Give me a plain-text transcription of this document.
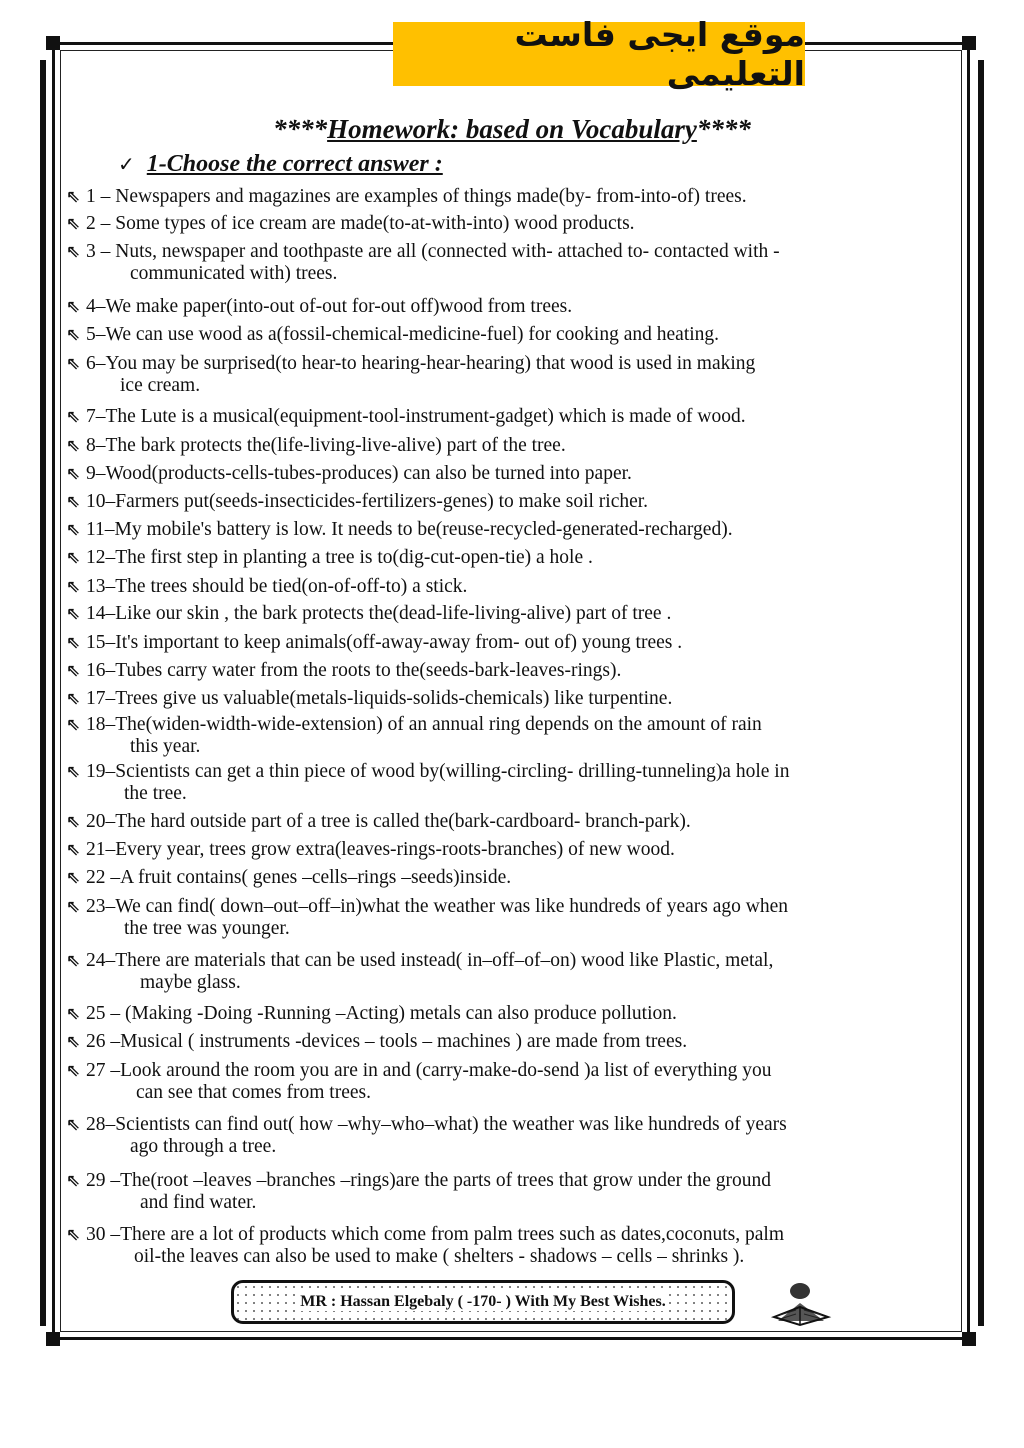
موقع ايجى فاست التعليمى
****Homework: based on Vocabulary****
✓ 1-Choose the correct answer :
⇖ 1 – Newspapers and magazines are examples of things made(by- from-into-of) trees.
⇖ 2 – Some types of ice cream are made(to-at-with-into) wood products.
⇖ 3 – Nuts, newspaper and toothpaste are all (connected with- attached to- contacted with -
communicated with) trees.
⇖ 4–We make paper(into-out of-out for-out off)wood from trees.
⇖ 5–We can use wood as a(fossil-chemical-medicine-fuel) for cooking and heating.
⇖ 6–You may be surprised(to hear-to hearing-hear-hearing) that wood is used in making
ice cream.
⇖ 7–The Lute is a musical(equipment-tool-instrument-gadget) which is made of wood.
⇖ 8–The bark protects the(life-living-live-alive) part of the tree.
⇖ 9–Wood(products-cells-tubes-produces) can also be turned into paper.
⇖ 10–Farmers put(seeds-insecticides-fertilizers-genes) to make soil richer.
⇖ 11–My mobile's battery is low. It needs to be(reuse-recycled-generated-recharged).
⇖ 12–The first step in planting a tree is to(dig-cut-open-tie) a hole .
⇖ 13–The trees should be tied(on-of-off-to) a stick.
⇖ 14–Like our skin , the bark protects the(dead-life-living-alive) part of tree .
⇖ 15–It's important to keep animals(off-away-away from- out of) young trees .
⇖ 16–Tubes carry water from the roots to the(seeds-bark-leaves-rings).
⇖ 17–Trees give us valuable(metals-liquids-solids-chemicals) like turpentine.
⇖ 18–The(widen-width-wide-extension) of an annual ring depends on the amount of rain
this year.
⇖ 19–Scientists can get a thin piece of wood by(willing-circling- drilling-tunneling)a hole in
the tree.
⇖ 20–The hard outside part of a tree is called the(bark-cardboard- branch-park).
⇖ 21–Every year, trees grow extra(leaves-rings-roots-branches) of new wood.
⇖ 22 –A fruit contains( genes –cells–rings –seeds)inside.
⇖ 23–We can find( down–out–off–in)what the weather was like hundreds of years ago when
the tree was younger.
⇖ 24–There are materials that can be used instead( in–off–of–on) wood like Plastic, metal,
maybe glass.
⇖ 25 – (Making -Doing -Running –Acting) metals can also produce pollution.
⇖ 26 –Musical ( instruments -devices – tools – machines ) are made from trees.
⇖ 27 –Look around the room you are in and (carry-make-do-send )a list of everything you
can see that comes from trees.
⇖ 28–Scientists can find out( how –why–who–what) the weather was like hundreds of years
ago through a tree.
⇖ 29 –The(root –leaves –branches –rings)are the parts of trees that grow under the ground
and find water.
⇖ 30 –There are a lot of products which come from palm trees such as dates,coconuts, palm
oil-the leaves can also be used to make ( shelters - shadows – cells – shrinks ).
MR : Hassan Elgebaly ( -170- ) With My Best Wishes.
